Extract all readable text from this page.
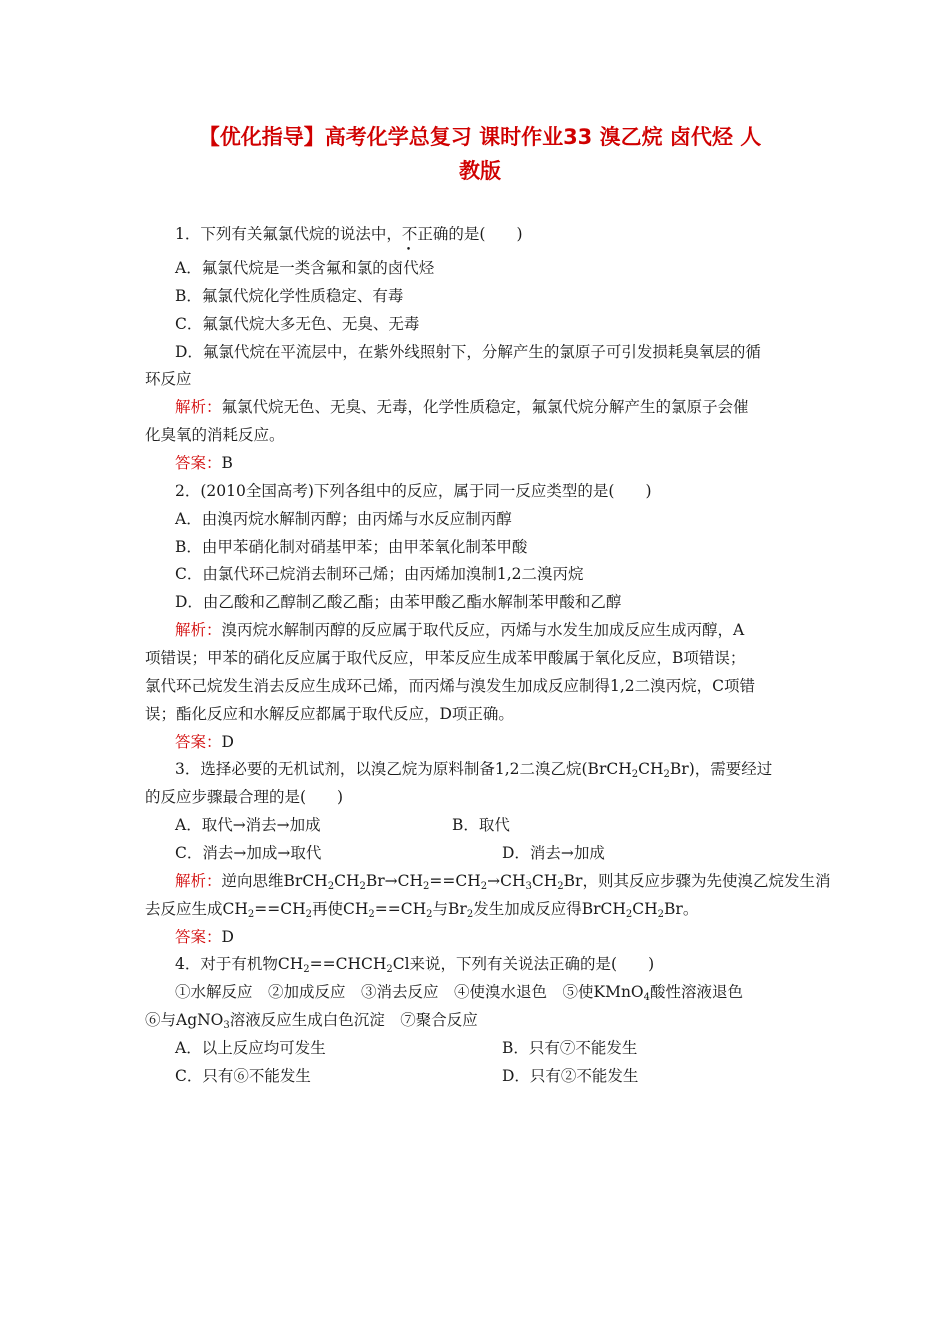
【优化指导】高考化学总复习 课时作业33 溴乙烷 卤代烃 人
教版
1．下列有关氟氯代烷的说法中，不正确的是(　　)
A．氟氯代烷是一类含氟和氯的卤代烃
B．氟氯代烷化学性质稳定、有毒
C．氟氯代烷大多无色、无臭、无毒
D．氟氯代烷在平流层中，在紫外线照射下，分解产生的氯原子可引发损耗臭氧层的循
环反应
解析：氟氯代烷无色、无臭、无毒，化学性质稳定，氟氯代烷分解产生的氯原子会催
化臭氧的消耗反应。
答案：B
2．(2010全国高考)下列各组中的反应，属于同一反应类型的是(　　)
A．由溴丙烷水解制丙醇；由丙烯与水反应制丙醇
B．由甲苯硝化制对硝基甲苯；由甲苯氧化制苯甲酸
C．由氯代环己烷消去制环己烯；由丙烯加溴制1,2二溴丙烷
D．由乙酸和乙醇制乙酸乙酯；由苯甲酸乙酯水解制苯甲酸和乙醇
解析：溴丙烷水解制丙醇的反应属于取代反应，丙烯与水发生加成反应生成丙醇，A
项错误；甲苯的硝化反应属于取代反应，甲苯反应生成苯甲酸属于氧化反应，B项错误；
氯代环己烷发生消去反应生成环己烯，而丙烯与溴发生加成反应制得1,2二溴丙烷，C项错
误；酯化反应和水解反应都属于取代反应，D项正确。
答案：D
3．选择必要的无机试剂，以溴乙烷为原料制备1,2二溴乙烷$(BrCH_2CH_2Br)$，需要经过
的反应步骤最合理的是(　　)
A．取代→消去→加成	B．取代
C．消去→加成→取代	D．消去→加成
解析：逆向思维$BrCH_2CH_2Br\to CH_2==CH_2\to CH_3CH_2Br$，则其反应步骤为先使溴乙烷发生消
去反应生成$CH_2==CH_2$再使$CH_2==CH_2$与$Br_2$发生加成反应得$BrCH_2CH_2Br$。
答案：D
4．对于有机物$CH_2==CHCH_2Cl$来说，下列有关说法正确的是(　　)
①水解反应　②加成反应　③消去反应　④使溴水退色　⑤使KMnO$_4$酸性溶液退色
⑥与AgNO$_3$溶液反应生成白色沉淀　⑦聚合反应
A．以上反应均可发生	B．只有⑦不能发生
C．只有⑥不能发生	D．只有②不能发生
